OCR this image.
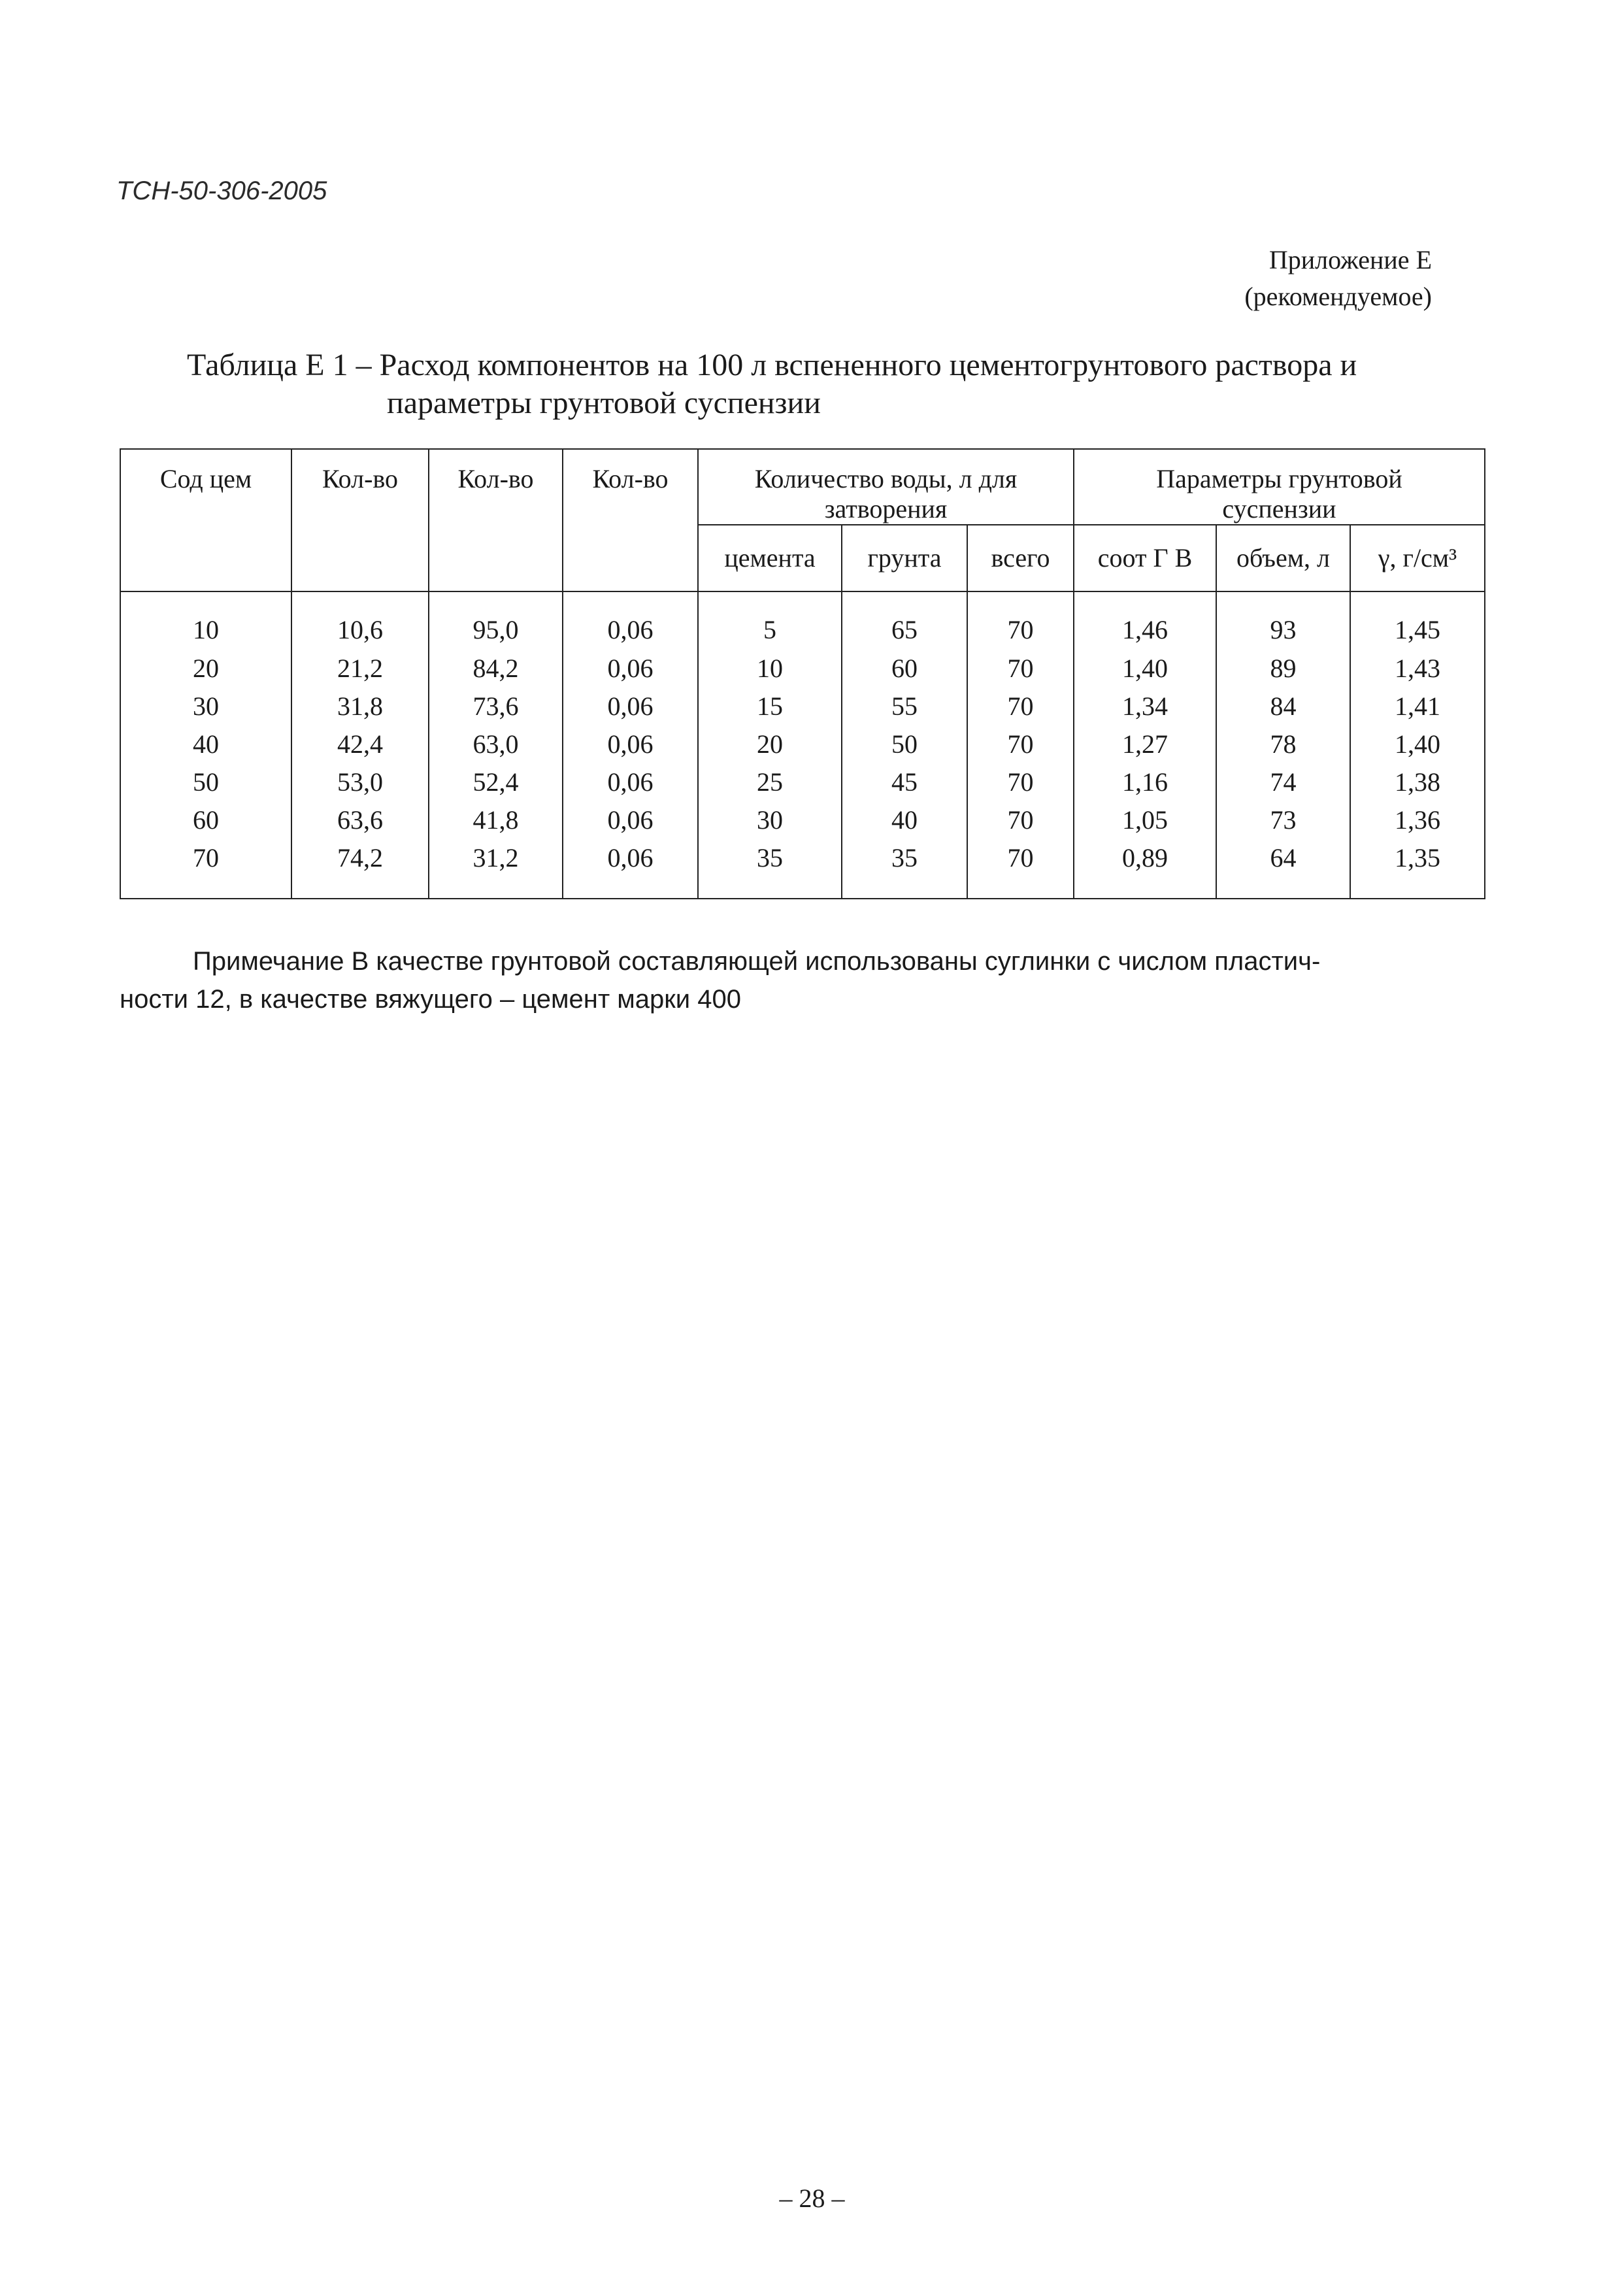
ТСН-50-306-2005
Приложение Е
(рекомендуемое)
Таблица Е 1 – Расход компонентов на 100 л вспененного цементогрунтового раствора и
параметры грунтовой суспензии
Сод цем	Кол-во	Кол-во	Кол-во	Количество воды, л для затворения			Параметры грунтовой суспензии		
				цемента	грунта	всего	соот Г В	объем, л	γ, г/см³
10	10,6	95,0	0,06	5	65	70	1,46	93	1,45
20	21,2	84,2	0,06	10	60	70	1,40	89	1,43
30	31,8	73,6	0,06	15	55	70	1,34	84	1,41
40	42,4	63,0	0,06	20	50	70	1,27	78	1,40
50	53,0	52,4	0,06	25	45	70	1,16	74	1,38
60	63,6	41,8	0,06	30	40	70	1,05	73	1,36
70	74,2	31,2	0,06	35	35	70	0,89	64	1,35
Примечание В качестве грунтовой составляющей использованы суглинки с числом пластич-
ности 12, в качестве вяжущего – цемент марки 400
– 28 –
